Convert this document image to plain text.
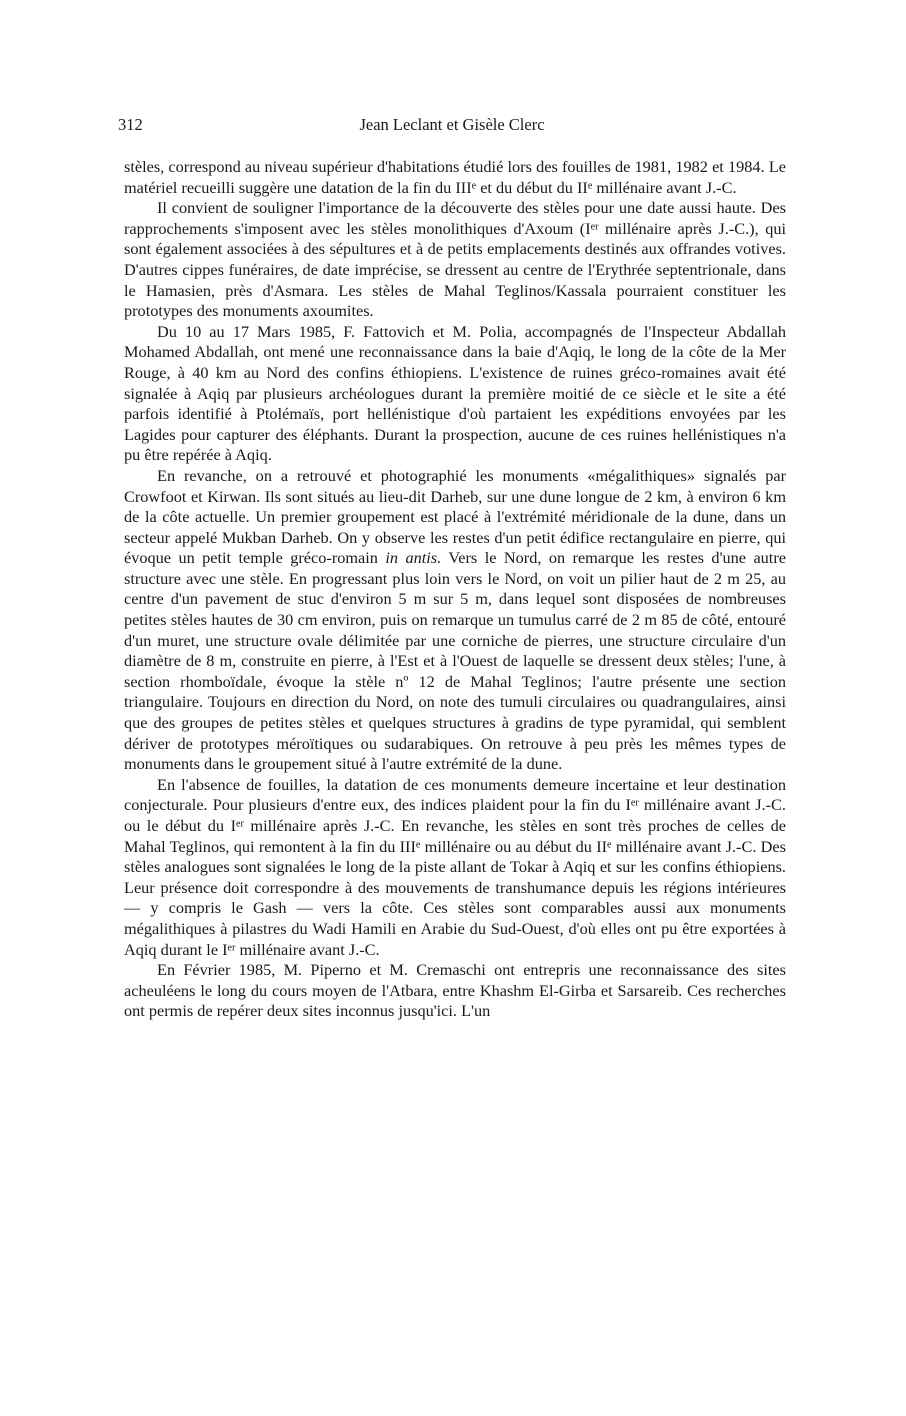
312	Jean Leclant et Gisèle Clerc

stèles, correspond au niveau supérieur d'habitations étudié lors des fouilles de 1981, 1982 et 1984. Le matériel recueilli suggère une datation de la fin du IIIe et du début du IIe millénaire avant J.-C.

Il convient de souligner l'importance de la découverte des stèles pour une date aussi haute. Des rapprochements s'imposent avec les stèles monolithiques d'Axoum (Ier millénaire après J.-C.), qui sont également associées à des sépultures et à de petits emplacements destinés aux offrandes votives. D'autres cippes funéraires, de date imprécise, se dressent au centre de l'Erythrée septentrionale, dans le Hamasien, près d'Asmara. Les stèles de Mahal Teglinos/Kassala pourraient constituer les prototypes des monuments axoumites.

Du 10 au 17 Mars 1985, F. Fattovich et M. Polia, accompagnés de l'Inspecteur Abdallah Mohamed Abdallah, ont mené une reconnaissance dans la baie d'Aqiq, le long de la côte de la Mer Rouge, à 40 km au Nord des confins éthiopiens. L'existence de ruines gréco-romaines avait été signalée à Aqiq par plusieurs archéologues durant la première moitié de ce siècle et le site a été parfois identifié à Ptolémaïs, port hellénistique d'où partaient les expéditions envoyées par les Lagides pour capturer des éléphants. Durant la prospection, aucune de ces ruines hellénistiques n'a pu être repérée à Aqiq.

En revanche, on a retrouvé et photographié les monuments «mégalithiques» signalés par Crowfoot et Kirwan. Ils sont situés au lieu-dit Darheb, sur une dune longue de 2 km, à environ 6 km de la côte actuelle. Un premier groupement est placé à l'extrémité méridionale de la dune, dans un secteur appelé Mukban Darheb. On y observe les restes d'un petit édifice rectangulaire en pierre, qui évoque un petit temple gréco-romain in antis. Vers le Nord, on remarque les restes d'une autre structure avec une stèle. En progressant plus loin vers le Nord, on voit un pilier haut de 2 m 25, au centre d'un pavement de stuc d'environ 5 m sur 5 m, dans lequel sont disposées de nombreuses petites stèles hautes de 30 cm environ, puis on remarque un tumulus carré de 2 m 85 de côté, entouré d'un muret, une structure ovale délimitée par une corniche de pierres, une structure circulaire d'un diamètre de 8 m, construite en pierre, à l'Est et à l'Ouest de laquelle se dressent deux stèles; l'une, à section rhomboïdale, évoque la stèle nº 12 de Mahal Teglinos; l'autre présente une section triangulaire. Toujours en direction du Nord, on note des tumuli circulaires ou quadrangulaires, ainsi que des groupes de petites stèles et quelques structures à gradins de type pyramidal, qui semblent dériver de prototypes méroïtiques ou sudarabiques. On retrouve à peu près les mêmes types de monuments dans le groupement situé à l'autre extrémité de la dune.

En l'absence de fouilles, la datation de ces monuments demeure incertaine et leur destination conjecturale. Pour plusieurs d'entre eux, des indices plaident pour la fin du Ier millénaire avant J.-C. ou le début du Ier millénaire après J.-C. En revanche, les stèles en sont très proches de celles de Mahal Teglinos, qui remontent à la fin du IIIe millénaire ou au début du IIe millénaire avant J.-C. Des stèles analogues sont signalées le long de la piste allant de Tokar à Aqiq et sur les confins éthiopiens. Leur présence doit correspondre à des mouvements de transhumance depuis les régions intérieures — y compris le Gash — vers la côte. Ces stèles sont comparables aussi aux monuments mégalithiques à pilastres du Wadi Hamili en Arabie du Sud-Ouest, d'où elles ont pu être exportées à Aqiq durant le Ier millénaire avant J.-C.

En Février 1985, M. Piperno et M. Cremaschi ont entrepris une reconnaissance des sites acheuléens le long du cours moyen de l'Atbara, entre Khashm El-Girba et Sarsareib. Ces recherches ont permis de repérer deux sites inconnus jusqu'ici. L'un
